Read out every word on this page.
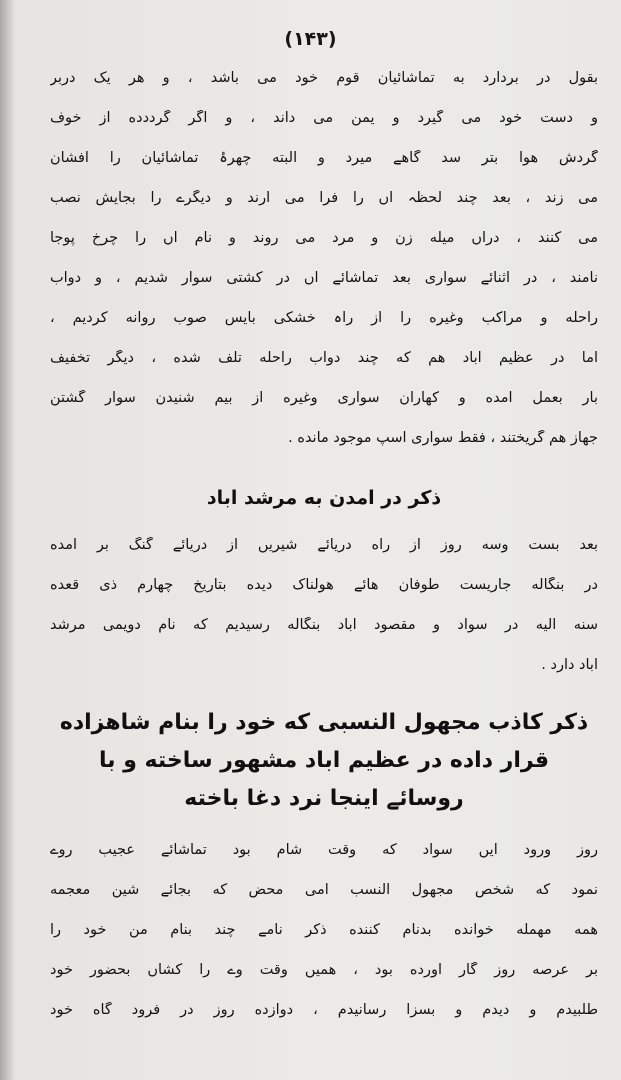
(۱۴۳)
بقول در بردارد به تماشائیان قوم خود می باشد ، و هر یک دربر
و دست خود می گیرد و یمن می داند ، و اگر گرددده از خوف
گردش هوا بتر سد گاهے میرد و البته چهرۂ تماشائیان را افشان
می زند ، بعد چند لحظہ آں را فرا می آرند و دیگرے را بجایش نصب
می کنند ، دراں میله زن و مرد می روند و نام آں را چرخ پوجا
نامند ، در اثنائے سواری بعد تماشائے آں در کشتی سوار شدیم ، و دواب
راحله و مراکب وغیره را از راہ خشکی بایس صوب روانه کردیم ،
اما در عظیم آباد هم که چند دواب راحله تلف شده ، دیگر تخفیف
بار بعمل آمده و کهاران سواری وغیره از بیم شنیدن سوار گشتن
جهاز هم گریختند ، فقط سواری اسپ موجود مانده .
ذکر در امدن به مرشد اباد
بعد بست وسه روز از راه دریائے شیریں از دریائے گنگ بر آمده
در بنگاله جاریست طوفان هائے هولناک دیده بتاریخ چهارم ذی قعده
سنه الیه در سواد و مقصود آباد بنگاله رسیدیم که نام دویمی مرشد
آباد دارد .
ذکر کاذب مجهول النسبی که خود را بنام شاهزاده
قرار داده در عظیم اباد مشهور ساخته و با
روسائے اینجا نرد دغا باخته
روز ورود ایں سواد که وقت شام بود تماشائے عجیب روے
نمود که شخص مجهول النسب امی محض که بجائے شین معجمه
همه مهمله خوانده بدنام کننده ذکر نامے چند بنام من خود را
بر عرصه روز گار آورده بود ، همیں وقت وے را کشاں بحضور خود
طلبیدم و دیدم و بسزا رسانیدم ، دوازده روز در فرود گاه خود
